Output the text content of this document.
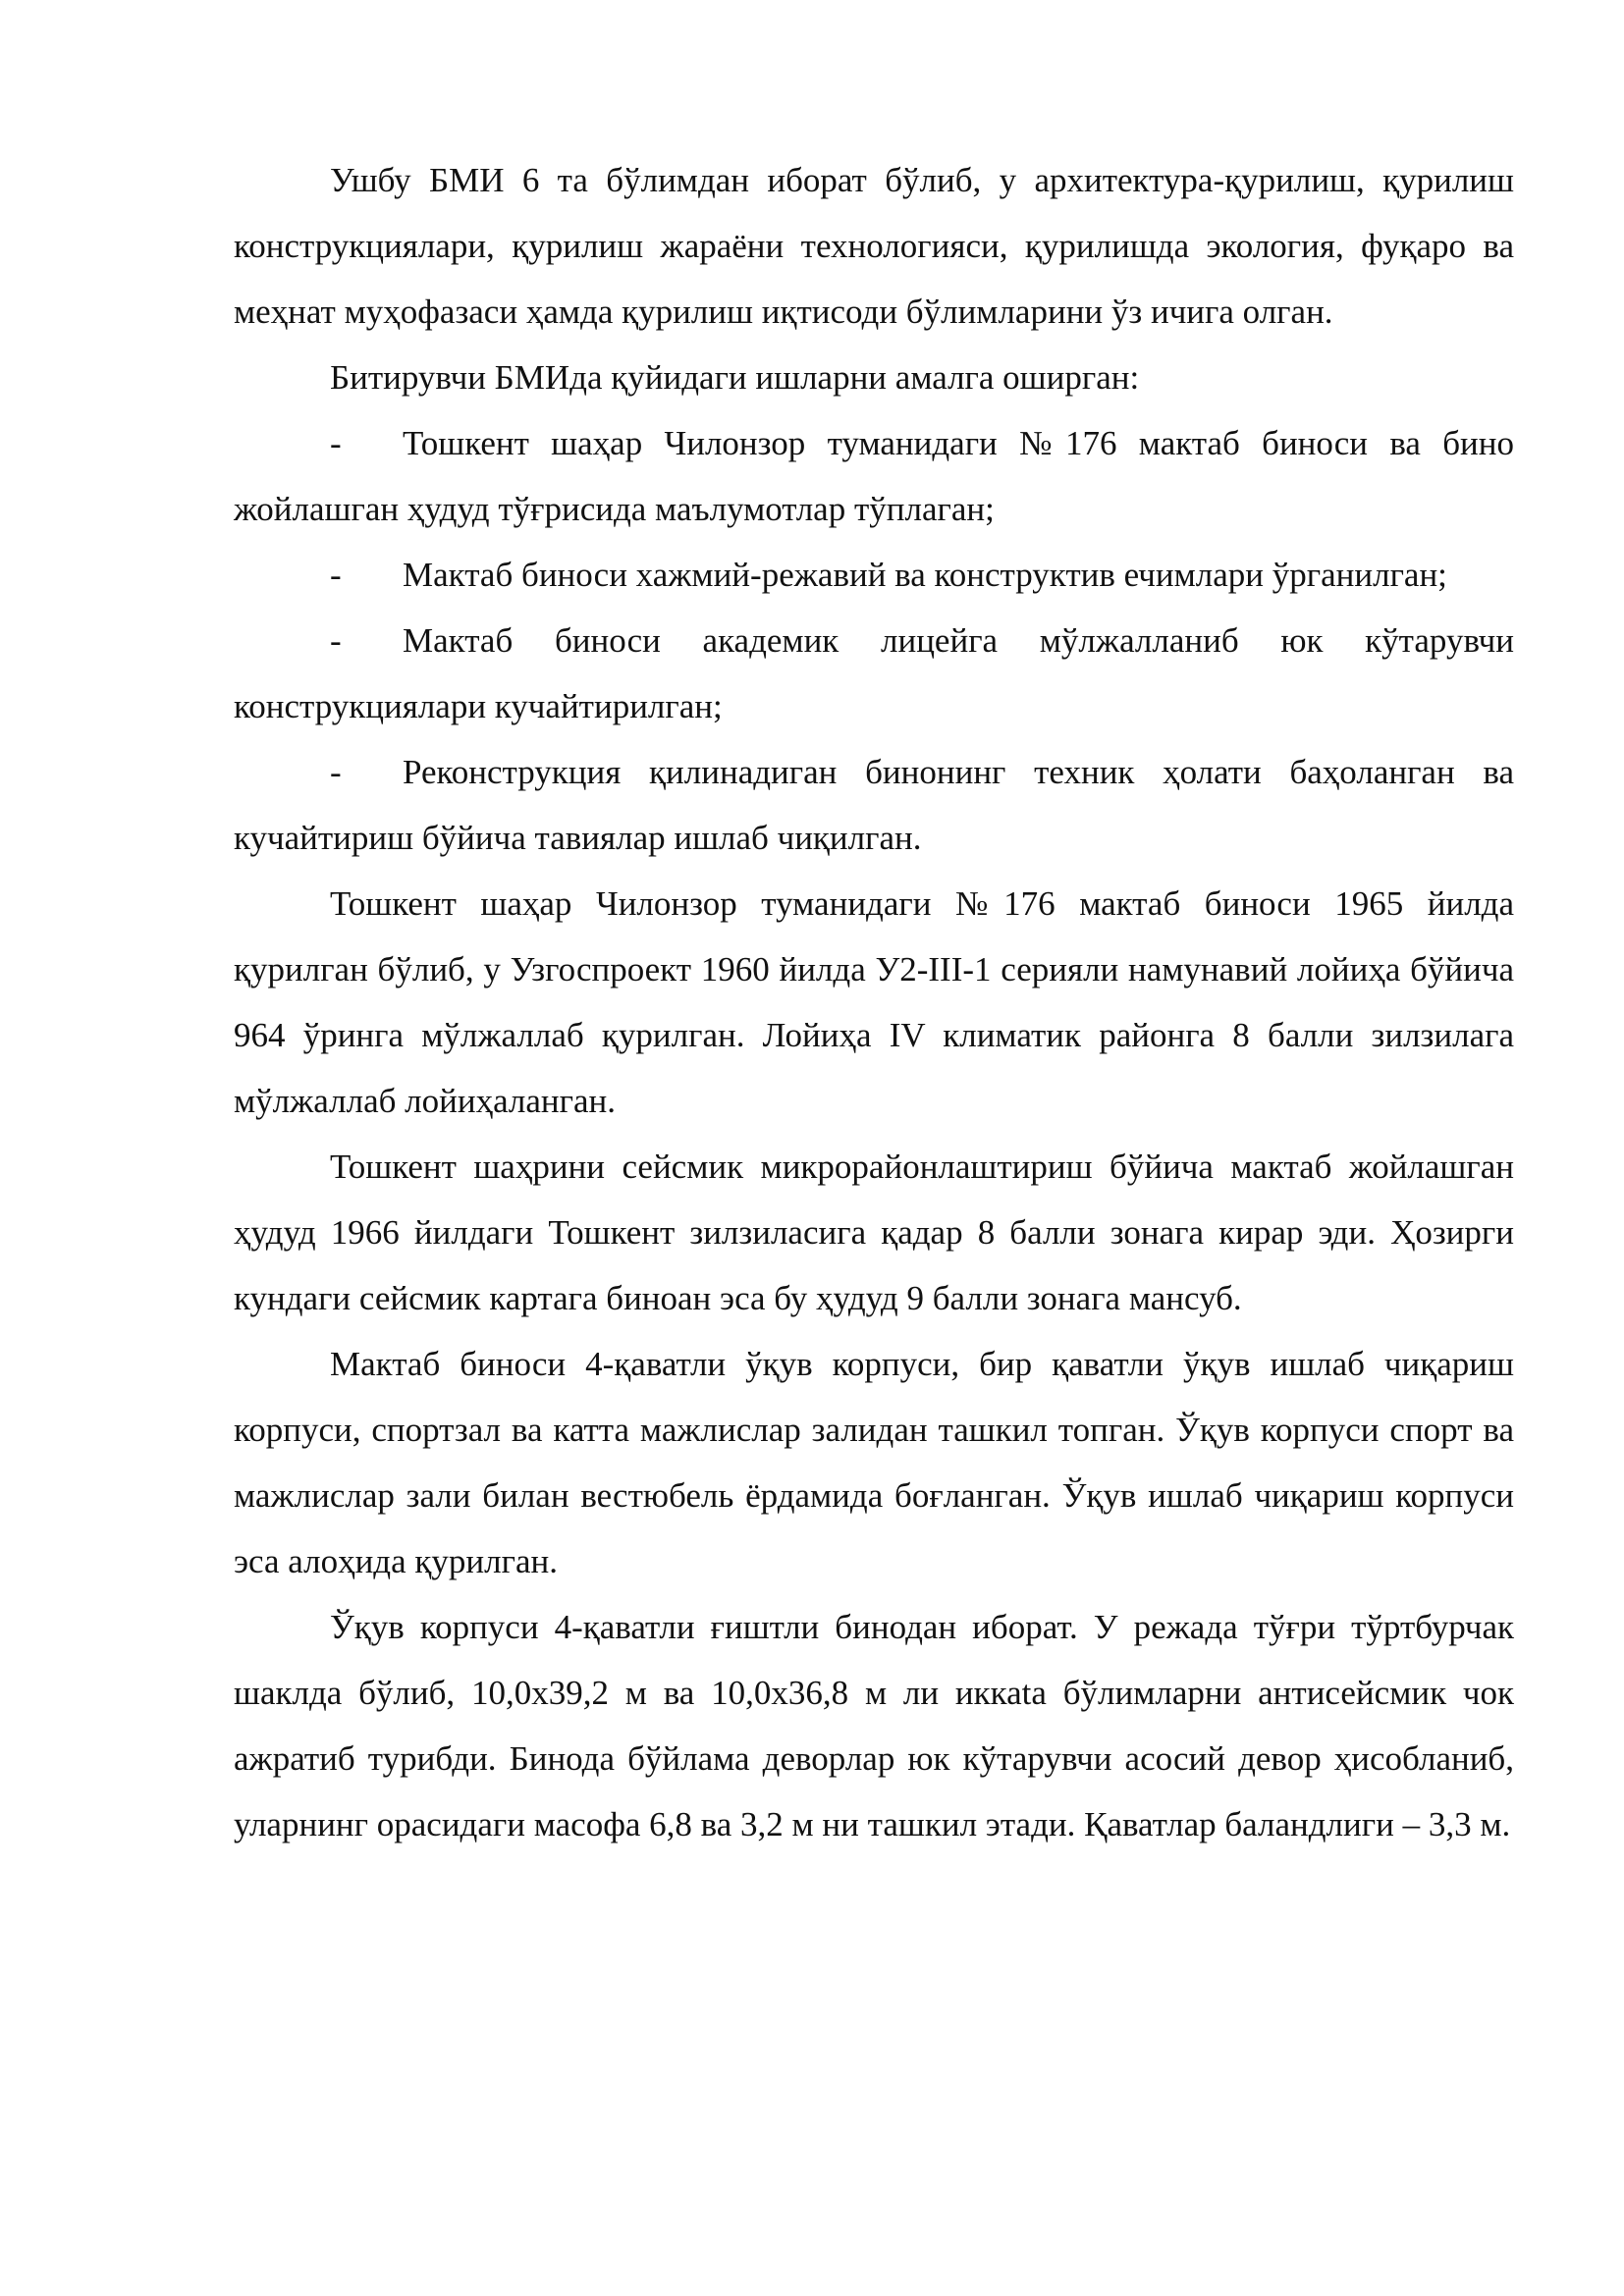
Ушбу БМИ 6 та бўлимдан иборат бўлиб, у архитектура-қурилиш, қурилиш конструкциялари, қурилиш жараёни технологияси, қурилишда экология, фуқаро ва меҳнат муҳофазаси ҳамда қурилиш иқтисоди бўлимларини ўз ичига олган.

Битирувчи БМИда қуйидаги ишларни амалга оширган:

- Тошкент шаҳар Чилонзор туманидаги №176 мактаб биноси ва бино жойлашган ҳудуд тўғрисида маълумотлар тўплаган;

- Мактаб биноси хажмий-режавий ва конструктив ечимлари ўрганилган;

- Мактаб биноси академик лицейга мўлжалланиб юк кўтарувчи конструкциялари кучайтирилган;

- Реконструкция қилинадиган бинонинг техник ҳолати баҳоланган ва кучайтириш бўйича тавиялар ишлаб чиқилган.

Тошкент шаҳар Чилонзор туманидаги №176 мактаб биноси 1965 йилда қурилган бўлиб, у Узгоспроект 1960 йилда У2-III-1 серияли намунавий лойиҳа бўйича 964 ўринга мўлжаллаб қурилган. Лойиҳа IV климатик районга 8 балли зилзилага мўлжаллаб лойиҳаланган.

Тошкент шаҳрини сейсмик микрорайонлаштириш бўйича мактаб жойлашган ҳудуд 1966 йилдаги Тошкент зилзиласига қадар 8 балли зонага кирар эди. Ҳозирги кундаги сейсмик картага биноан эса бу ҳудуд 9 балли зонага мансуб.

Мактаб биноси 4-қаватли ўқув корпуси, бир қаватли ўқув ишлаб чиқариш корпуси, спортзал ва катта мажлислар залидан ташкил топган. Ўқув корпуси спорт ва мажлислар зали билан вестюбель ёрдамида боғланган. Ўқув ишлаб чиқариш корпуси эса алоҳида қурилган.

Ўқув корпуси 4-қаватли ғиштли бинодан иборат. У режада тўғри тўртбурчак шаклда бўлиб, 10,0х39,2 м ва 10,0х36,8 м ли иккаta бўлимларни антисейсмик чок ажратиб турибди. Бинода бўйлама деворлар юк кўтарувчи асосий девор ҳисобланиб, уларнинг орасидаги масофа 6,8 ва 3,2 м ни ташкил этади. Қаватлар баландлиги – 3,3 м.
